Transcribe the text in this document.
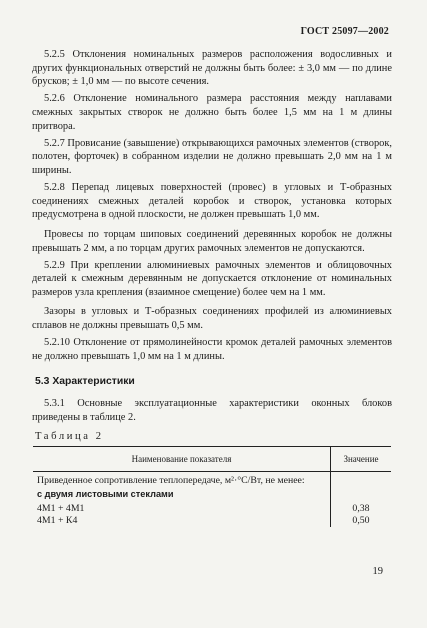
ГОСТ 25097—2002

5.2.5 Отклонения номинальных размеров расположения водосливных и других функциональных отверстий не должны быть более: ± 3,0 мм — по длине брусков; ± 1,0 мм — по высоте сечения.

5.2.6 Отклонение номинального размера расстояния между наплавами смежных закрытых створок не должно быть более 1,5 мм на 1 м длины притвора.

5.2.7 Провисание (завышение) открывающихся рамочных элементов (створок, полотен, форточек) в собранном изделии не должно превышать 2,0 мм на 1 м ширины.

5.2.8 Перепад лицевых поверхностей (провес) в угловых и Т-образных соединениях смежных деталей коробок и створок, установка которых предусмотрена в одной плоскости, не должен превышать 1,0 мм.

Провесы по торцам шиповых соединений деревянных коробок не должны превышать 2 мм, а по торцам других рамочных элементов не допускаются.

5.2.9 При креплении алюминиевых рамочных элементов и облицовочных деталей к смежным деревянным не допускается отклонение от номинальных размеров узла крепления (взаимное смещение) более чем на 1 мм.

Зазоры в угловых и Т-образных соединениях профилей из алюминиевых сплавов не должны превышать 0,5 мм.

5.2.10 Отклонение от прямолинейности кромок деталей рамочных элементов не должно превышать 1,0 мм на 1 м длины.

5.3 Характеристики

5.3.1 Основные эксплуатационные характеристики оконных блоков приведены в таблице 2.

Таблица 2
Наименование показателя	Значение
Приведенное сопротивление теплопередаче, м²·°С/Вт, не менее:	
с двумя листовыми стеклами	
4М1 + 4М1	0,38
4М1 + К4	0,50
19
